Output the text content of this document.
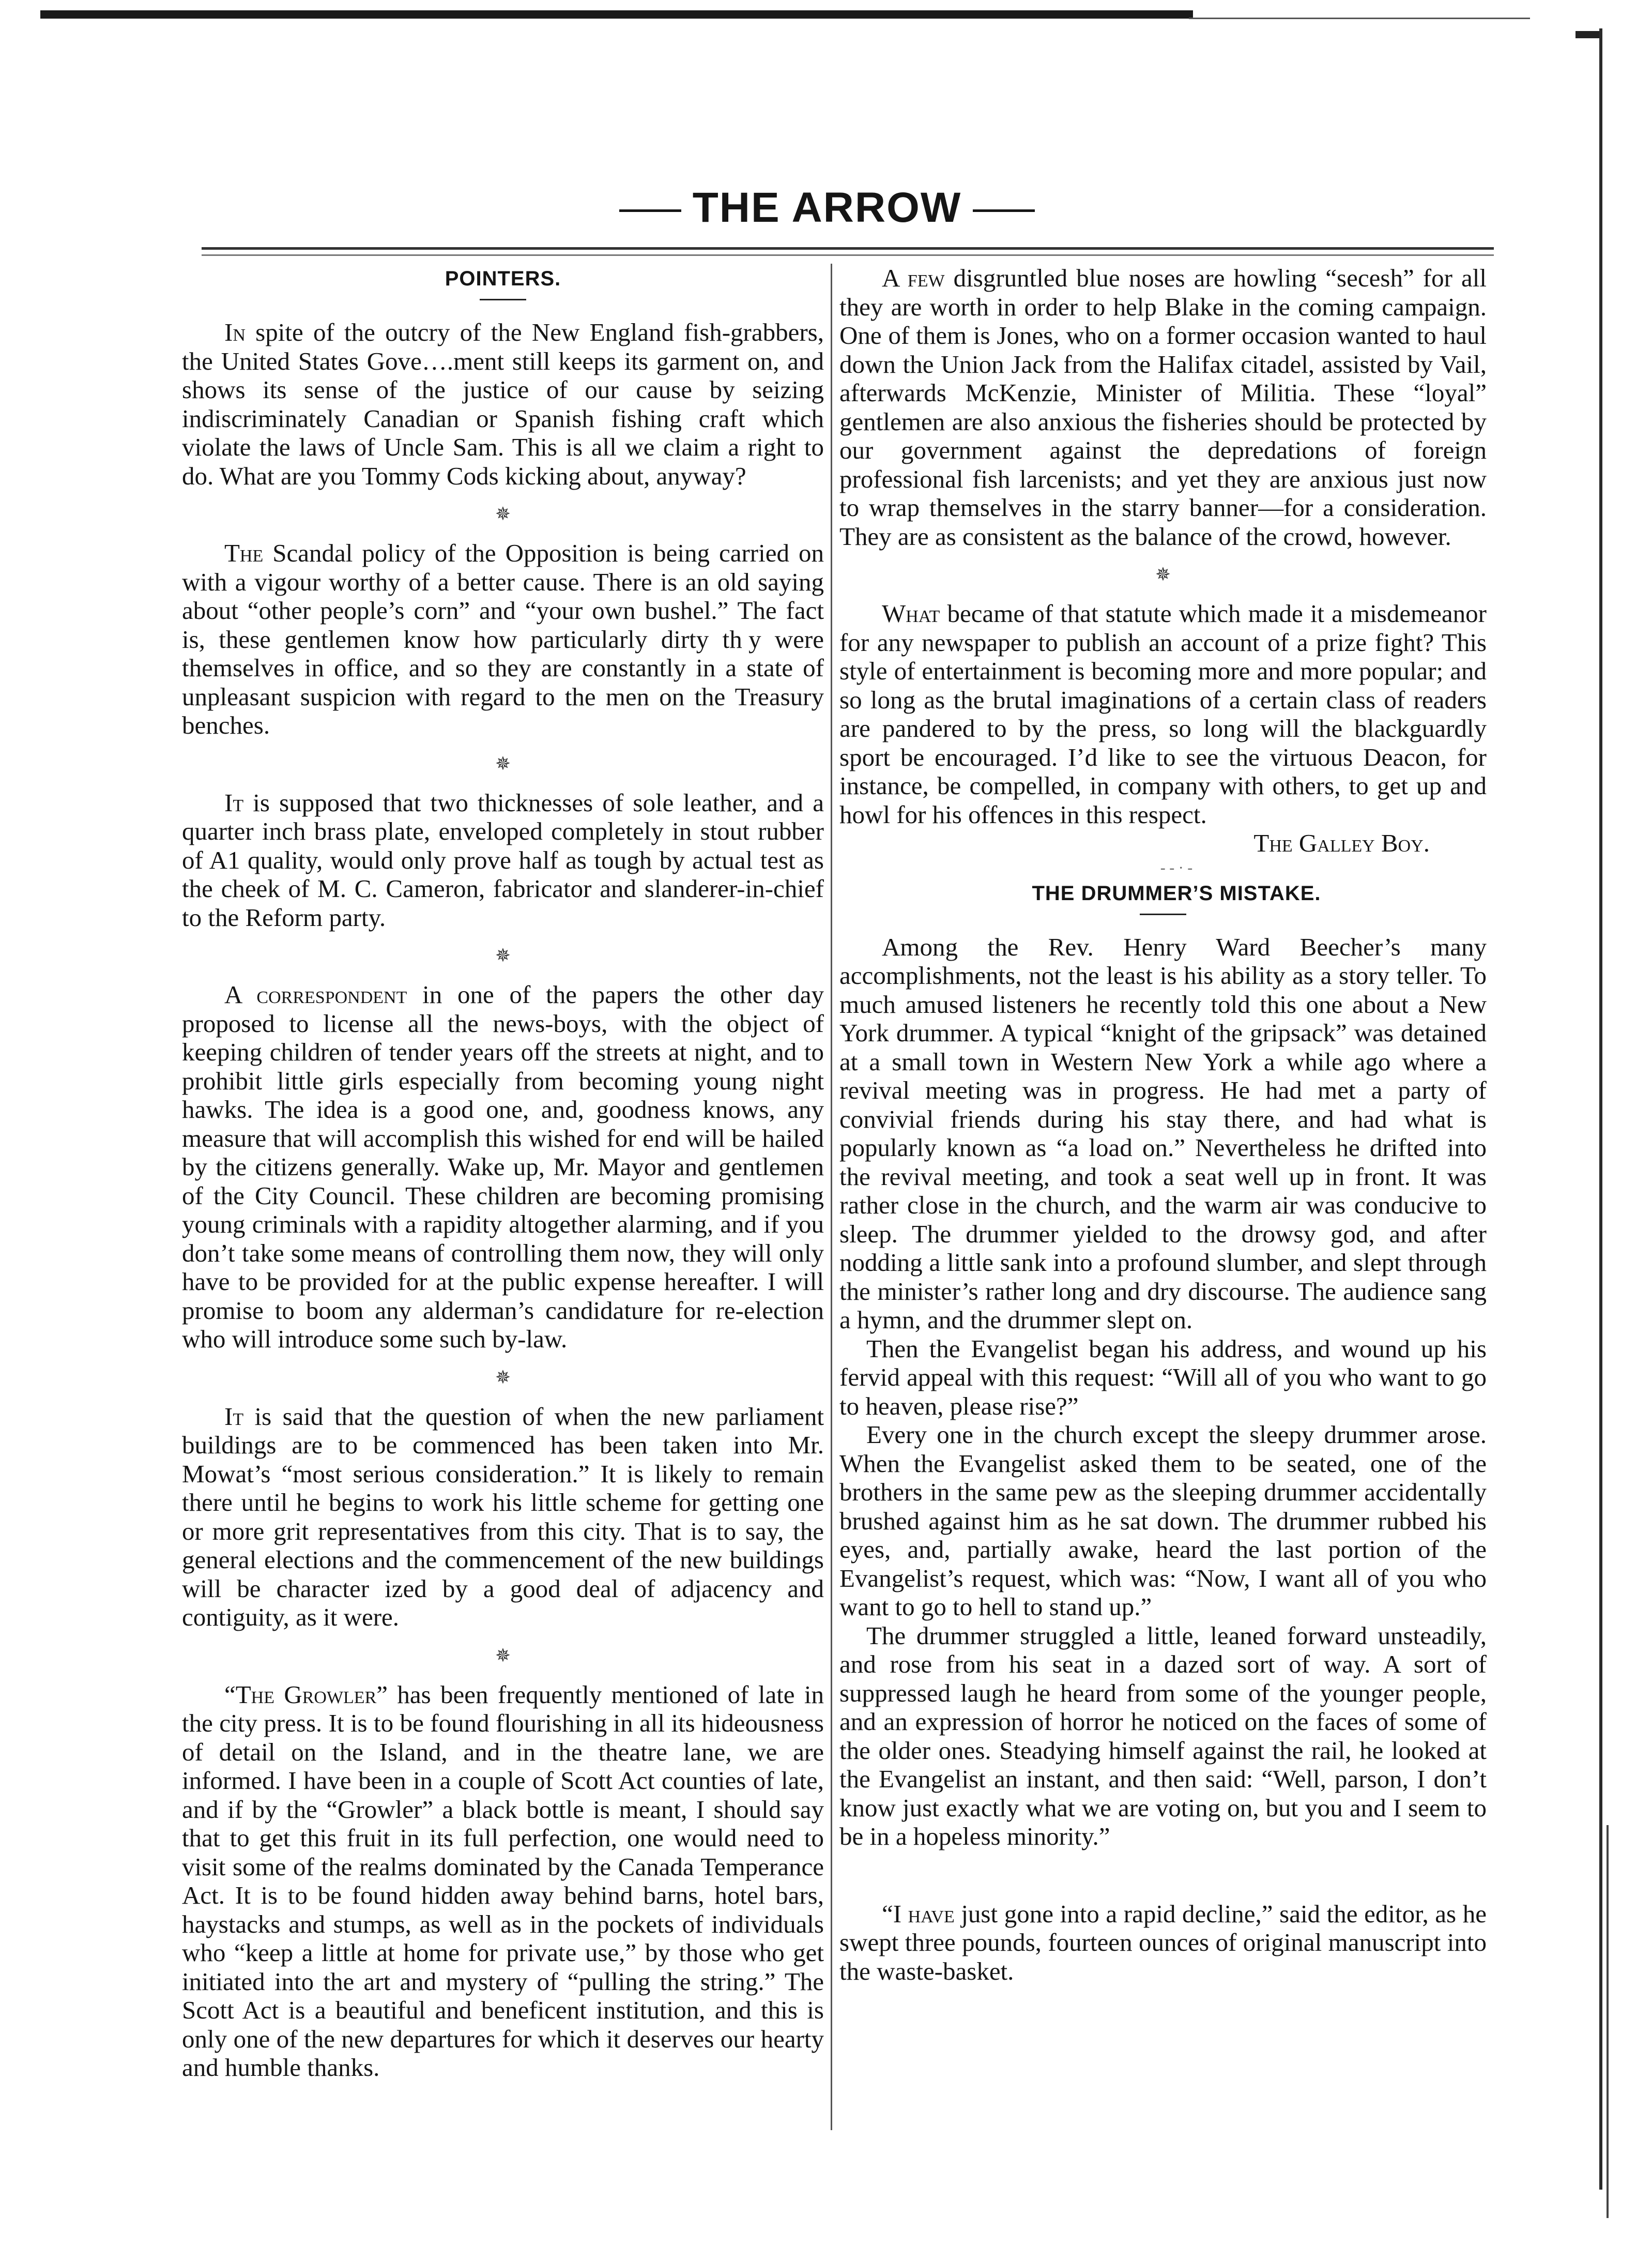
THE ARROW

POINTERS.

In spite of the outcry of the New England fish-grabbers, the United States Gove….ment still keeps its garment on, and shows its sense of the justice of our cause by seizing indiscriminately Canadian or Spanish fishing craft which violate the laws of Uncle Sam. This is all we claim a right to do. What are you Tommy Cods kicking about, anyway?

✵

The Scandal policy of the Opposition is being carried on with a vigour worthy of a better cause. There is an old saying about “other people’s corn” and “your own bushel.” The fact is, these gentlemen know how particularly dirty th y were themselves in office, and so they are constantly in a state of unpleasant suspicion with regard to the men on the Treasury benches.

✵

It is supposed that two thicknesses of sole leather, and a quarter inch brass plate, enveloped completely in stout rubber of A1 quality, would only prove half as tough by actual test as the cheek of M. C. Cameron, fabricator and slanderer-in-chief to the Reform party.

✵

A correspondent in one of the papers the other day proposed to license all the news-boys, with the object of keeping children of tender years off the streets at night, and to prohibit little girls especially from becoming young night hawks. The idea is a good one, and, goodness knows, any measure that will accomplish this wished for end will be hailed by the citizens generally. Wake up, Mr. Mayor and gentlemen of the City Council. These children are becoming promising young criminals with a rapidity altogether alarming, and if you don’t take some means of controlling them now, they will only have to be provided for at the public expense hereafter. I will promise to boom any alderman’s candidature for re-election who will introduce some such by-law.

✵

It is said that the question of when the new parliament buildings are to be commenced has been taken into Mr. Mowat’s “most serious consideration.” It is likely to remain there until he begins to work his little scheme for getting one or more grit representatives from this city. That is to say, the general elections and the commencement of the new buildings will be character ized by a good deal of adjacency and contiguity, as it were.

✵

“The Growler” has been frequently mentioned of late in the city press. It is to be found flourishing in all its hideousness of detail on the Island, and in the theatre lane, we are informed. I have been in a couple of Scott Act counties of late, and if by the “Growler” a black bottle is meant, I should say that to get this fruit in its full perfection, one would need to visit some of the realms dominated by the Canada Temperance Act. It is to be found hidden away behind barns, hotel bars, haystacks and stumps, as well as in the pockets of individuals who “keep a little at home for private use,” by those who get initiated into the art and mystery of “pulling the string.” The Scott Act is a beautiful and beneficent institution, and this is only one of the new departures for which it deserves our hearty and humble thanks.

A few disgruntled blue noses are howling “secesh” for all they are worth in order to help Blake in the coming campaign. One of them is Jones, who on a former occasion wanted to haul down the Union Jack from the Halifax citadel, assisted by Vail, afterwards McKenzie, Minister of Militia. These “loyal” gentlemen are also anxious the fisheries should be protected by our government against the depredations of foreign professional fish larcenists; and yet they are anxious just now to wrap themselves in the starry banner—for a consideration. They are as consistent as the balance of the crowd, however.

✵

What became of that statute which made it a misdemeanor for any newspaper to publish an account of a prize fight? This style of entertainment is becoming more and more popular; and so long as the brutal imaginations of a certain class of readers are pandered to by the press, so long will the blackguardly sport be encouraged. I’d like to see the virtuous Deacon, for instance, be compelled, in company with others, to get up and howl for his offences in this respect.

The Galley Boy.

- - · -

THE DRUMMER’S MISTAKE.

Among the Rev. Henry Ward Beecher’s many accomplishments, not the least is his ability as a story teller. To much amused listeners he recently told this one about a New York drummer. A typical “knight of the gripsack” was detained at a small town in Western New York a while ago where a revival meeting was in progress. He had met a party of convivial friends during his stay there, and had what is popularly known as “a load on.” Nevertheless he drifted into the revival meeting, and took a seat well up in front. It was rather close in the church, and the warm air was conducive to sleep. The drummer yielded to the drowsy god, and after nodding a little sank into a profound slumber, and slept through the minister’s rather long and dry discourse. The audience sang a hymn, and the drummer slept on.

Then the Evangelist began his address, and wound up his fervid appeal with this request: “Will all of you who want to go to heaven, please rise?”

Every one in the church except the sleepy drummer arose. When the Evangelist asked them to be seated, one of the brothers in the same pew as the sleeping drummer accidentally brushed against him as he sat down. The drummer rubbed his eyes, and, partially awake, heard the last portion of the Evangelist’s request, which was: “Now, I want all of you who want to go to hell to stand up.”

The drummer struggled a little, leaned forward unsteadily, and rose from his seat in a dazed sort of way. A sort of suppressed laugh he heard from some of the younger people, and an expression of horror he noticed on the faces of some of the older ones. Steadying himself against the rail, he looked at the Evangelist an instant, and then said: “Well, parson, I don’t know just exactly what we are voting on, but you and I seem to be in a hopeless minority.”

“I have just gone into a rapid decline,” said the editor, as he swept three pounds, fourteen ounces of original manuscript into the waste-basket.
